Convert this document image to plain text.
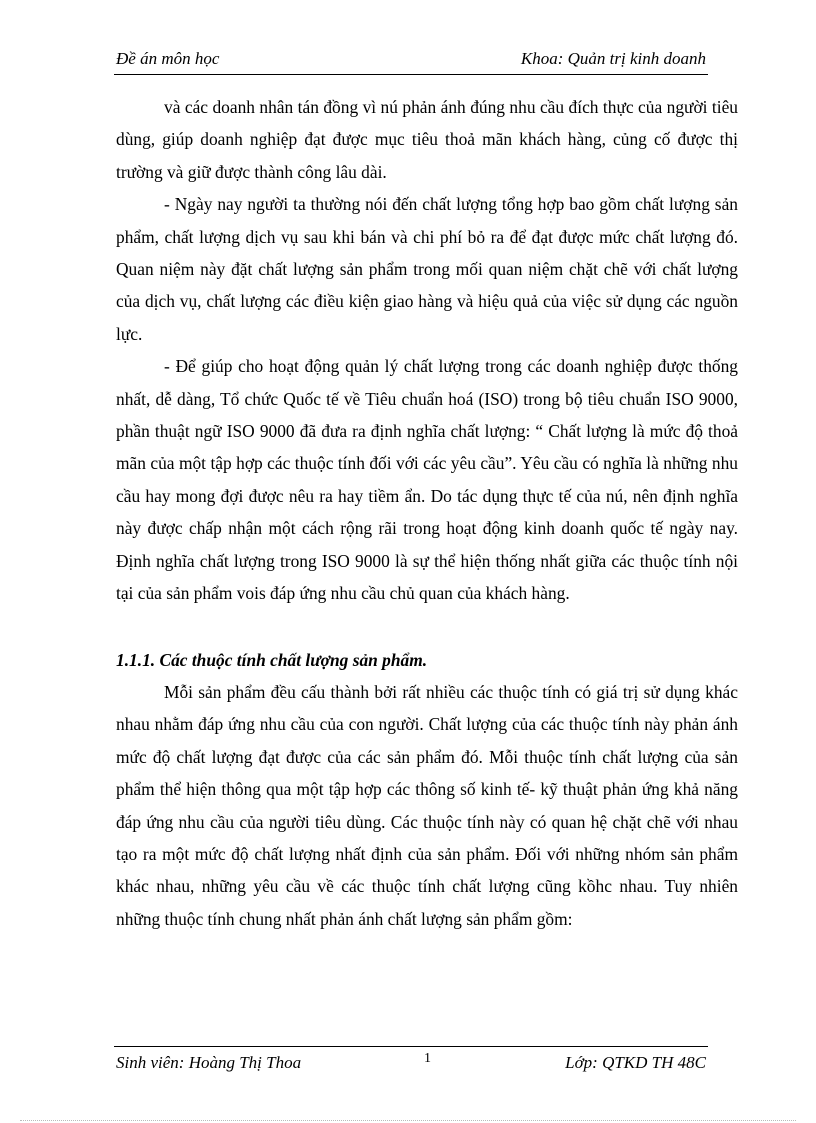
Đề án môn học	Khoa: Quản trị kinh doanh

và các doanh nhân tán đồng vì nú phản ánh đúng nhu cầu đích thực của người tiêu dùng, giúp doanh nghiệp đạt được mục tiêu thoả mãn khách hàng, củng cố được thị trường và giữ được thành công lâu dài.

- Ngày nay người ta thường nói đến chất lượng tổng hợp bao gồm chất lượng sản phẩm, chất lượng dịch vụ sau khi bán và chi phí bỏ ra để đạt được mức chất lượng đó. Quan niệm này đặt chất lượng sản phẩm trong mối quan niệm chặt chẽ với chất lượng của dịch vụ, chất lượng các điều kiện giao hàng và hiệu quả của việc sử dụng các nguồn lực.

- Để giúp cho hoạt động quản lý chất lượng trong các doanh nghiệp được thống nhất, dễ dàng, Tổ chức Quốc tế về Tiêu chuẩn hoá (ISO) trong bộ tiêu chuẩn ISO 9000, phần thuật ngữ ISO 9000 đã đưa ra định nghĩa chất lượng: “ Chất lượng là mức độ thoả mãn của một tập hợp các thuộc tính đối với các yêu cầu”. Yêu cầu có nghĩa là những nhu cầu hay mong đợi được nêu ra hay tiềm ẩn. Do tác dụng thực tế của nú, nên định nghĩa này được chấp nhận một cách rộng rãi trong hoạt động kinh doanh quốc tế ngày nay. Định nghĩa chất lượng trong ISO 9000 là sự thể hiện thống nhất giữa các thuộc tính nội tại của sản phẩm vois đáp ứng nhu cầu chủ quan của khách hàng.

1.1.1. Các thuộc tính chất lượng sản phẩm.

Mỗi sản phẩm đều cấu thành bởi rất nhiều các thuộc tính có giá trị sử dụng khác nhau nhằm đáp ứng nhu cầu của con người. Chất lượng của các thuộc tính này phản ánh mức độ chất lượng đạt được của các sản phẩm đó. Mỗi thuộc tính chất lượng của sản phẩm thể hiện thông qua một tập hợp các thông số kinh tế- kỹ thuật phản ứng khả năng đáp ứng nhu cầu của người tiêu dùng. Các thuộc tính này có quan hệ chặt chẽ với nhau tạo ra một mức độ chất lượng nhất định của sản phẩm. Đối với những nhóm sản phẩm khác nhau, những yêu cầu về các thuộc tính chất lượng cũng kồhc nhau. Tuy nhiên những thuộc tính chung nhất phản ánh chất lượng sản phẩm gồm:

Sinh viên: Hoàng Thị Thoa	1	Lớp: QTKD TH 48C
